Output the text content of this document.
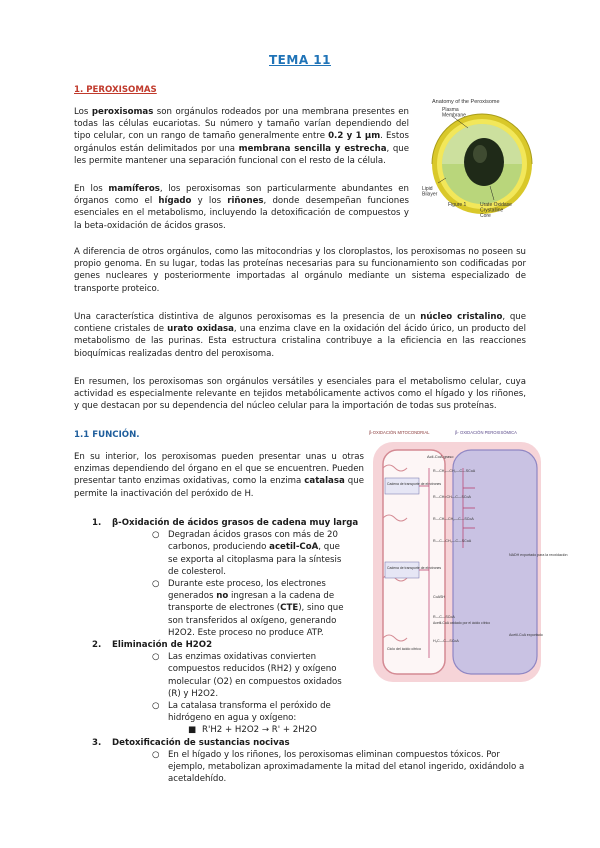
TEMA 11
1. PEROXISOMAS

Los peroxisomas son orgánulos rodeados por una membrana presentes en todas las células eucariotas. Su número y tamaño varían dependiendo del tipo celular, con un rango de tamaño generalmente entre 0.2 y 1 μm. Estos orgánulos están delimitados por una membrana sencilla y estrecha, que les permite mantener una separación funcional con el resto de la célula.

En los mamíferos, los peroxisomas son particularmente abundantes en órganos como el hígado y los riñones, donde desempeñan funciones esenciales en el metabolismo, incluyendo la detoxificación de compuestos y la beta-oxidación de ácidos grasos.

Anatomy of the Peroxisome
Plasma Membrane
Lipid Bilayer
Figure 1	Urate Oxidase Crystalline Core

A diferencia de otros orgánulos, como las mitocondrias y los cloroplastos, los peroxisomas no poseen su propio genoma. En su lugar, todas las proteínas necesarias para su funcionamiento son codificadas por genes nucleares y posteriormente importadas al orgánulo mediante un sistema especializado de transporte proteico.

Una característica distintiva de algunos peroxisomas es la presencia de un núcleo cristalino, que contiene cristales de urato oxidasa, una enzima clave en la oxidación del ácido úrico, un producto del metabolismo de las purinas. Esta estructura cristalina contribuye a la eficiencia en las reacciones bioquímicas realizadas dentro del peroxisoma.

En resumen, los peroxisomas son orgánulos versátiles y esenciales para el metabolismo celular, cuya actividad es especialmente relevante en tejidos metabólicamente activos como el hígado y los riñones, y que destacan por su dependencia del núcleo celular para la importación de todas sus proteínas.

1.1 FUNCIÓN.

En su interior, los peroxisomas pueden presentar unas u otras enzimas dependiendo del órgano en el que se encuentren. Pueden presentar tanto enzimas oxidativas, como la enzima catalasa que permite la inactivación del peróxido de H.

β-OXIDACIÓN MITOCONDRIAL	β- OXIDACIÓN PEROXISÓMICA
Acil-CoA graso
Cadena de transporte de electrones
Cadena de transporte de electrones
R—CH₂—CH₂—C—SCoA
R—CH=CH—C—SCoA
R—CH—CH₂—C—SCoA
R—C—CH₂—C—SCoA
CoASH
R—C—SCoA
H₃C—C—SCoA
NADH exportado para la reoxidación
Acetil-CoA exportado
Ciclo del ácido cítrico
Acetil-CoA oxidado por el ácido cítrico
1. β-Oxidación de ácidos grasos de cadena muy larga
○ Degradan ácidos grasos con más de 20 carbonos, produciendo acetil-CoA, que se exporta al citoplasma para la síntesis de colesterol.
○ Durante este proceso, los electrones generados no ingresan a la cadena de transporte de electrones (CTE), sino que son transferidos al oxígeno, generando H2O2. Este proceso no produce ATP.
2. Eliminación de H2O2
○ Las enzimas oxidativas convierten compuestos reducidos (RH2) y oxígeno molecular (O2) en compuestos oxidados (R) y H2O2.
○ La catalasa transforma el peróxido de hidrógeno en agua y oxígeno:
■ R'H2 + H2O2 → R' + 2H2O
3. Detoxificación de sustancias nocivas
○ En el hígado y los riñones, los peroxisomas eliminan compuestos tóxicos. Por ejemplo, metabolizan aproximadamente la mitad del etanol ingerido, oxidándolo a acetaldehído.
